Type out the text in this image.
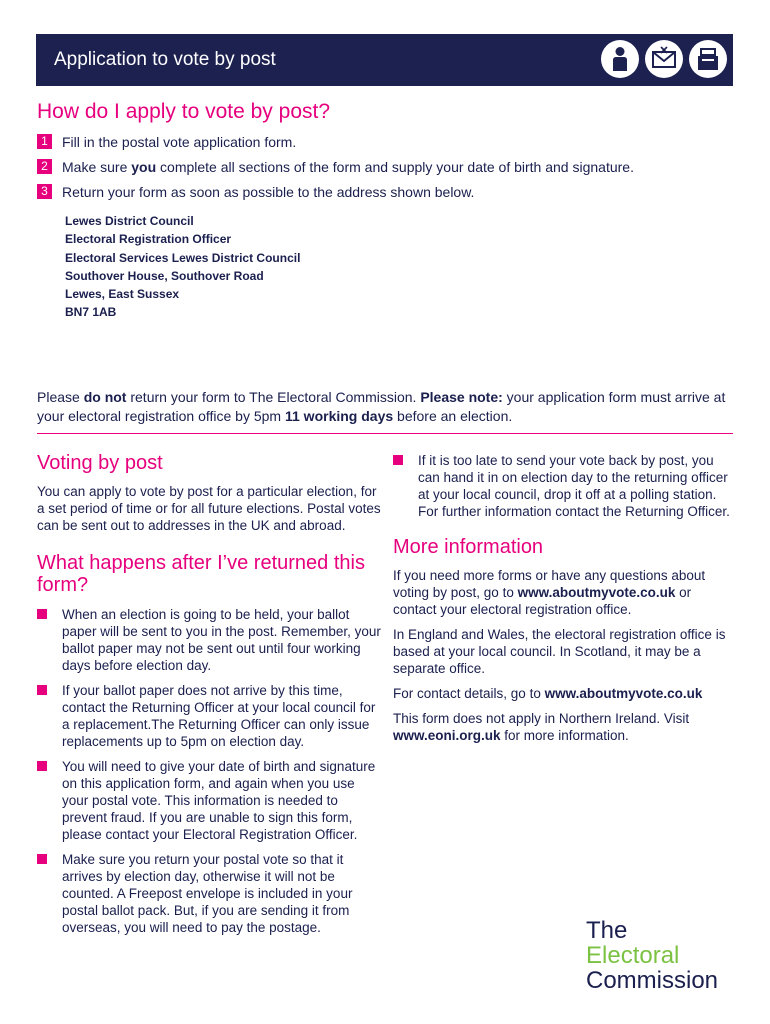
Application to vote by post
How do I apply to vote by post?
1 Fill in the postal vote application form.
2 Make sure you complete all sections of the form and supply your date of birth and signature.
3 Return your form as soon as possible to the address shown below.
Lewes District Council
Electoral Registration Officer
Electoral Services Lewes District Council
Southover House, Southover Road
Lewes, East Sussex
BN7 1AB

Please do not return your form to The Electoral Commission. Please note: your application form must arrive at your electoral registration office by 5pm 11 working days before an election.

Voting by post

You can apply to vote by post for a particular election, for a set period of time or for all future elections. Postal votes can be sent out to addresses in the UK and abroad.

What happens after I’ve returned this form?
When an election is going to be held, your ballot paper will be sent to you in the post. Remember, your ballot paper may not be sent out until four working days before election day.
If your ballot paper does not arrive by this time, contact the Returning Officer at your local council for a replacement.The Returning Officer can only issue replacements up to 5pm on election day.
You will need to give your date of birth and signature on this application form, and again when you use your postal vote. This information is needed to prevent fraud. If you are unable to sign this form, please contact your Electoral Registration Officer.
Make sure you return your postal vote so that it arrives by election day, otherwise it will not be counted. A Freepost envelope is included in your postal ballot pack. But, if you are sending it from overseas, you will need to pay the postage.
If it is too late to send your vote back by post, you can hand it in on election day to the returning officer at your local council, drop it off at a polling station. For further information contact the Returning Officer.
More information

If you need more forms or have any questions about voting by post, go to www.aboutmyvote.co.uk or contact your electoral registration office.

In England and Wales, the electoral registration office is based at your local council. In Scotland, it may be a separate office.

For contact details, go to www.aboutmyvote.co.uk

This form does not apply in Northern Ireland. Visit www.eoni.org.uk for more information.

The
Electoral
Commission
